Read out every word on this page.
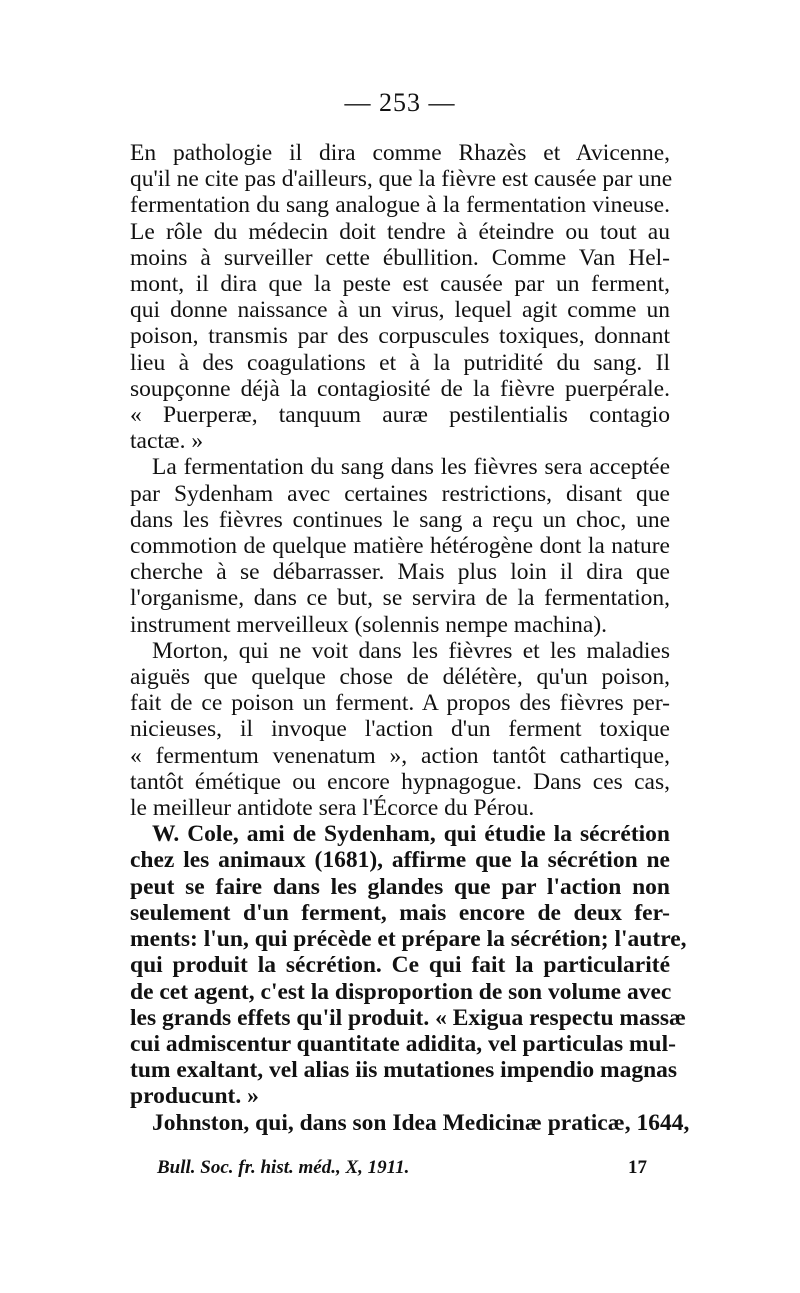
— 253 —
En pathologie il dira comme Rhazès et Avicenne,
qu'il ne cite pas d'ailleurs, que la fièvre est causée par une
fermentation du sang analogue à la fermentation vineuse.
Le rôle du médecin doit tendre à éteindre ou tout au
moins à surveiller cette ébullition. Comme Van Hel-
mont, il dira que la peste est causée par un ferment,
qui donne naissance à un virus, lequel agit comme un
poison, transmis par des corpuscules toxiques, donnant
lieu à des coagulations et à la putridité du sang. Il
soupçonne déjà la contagiosité de la fièvre puerpérale.
« Puerperæ, tanquum auræ pestilentialis contagio
tactæ. »
La fermentation du sang dans les fièvres sera acceptée
par Sydenham avec certaines restrictions, disant que
dans les fièvres continues le sang a reçu un choc, une
commotion de quelque matière hétérogène dont la nature
cherche à se débarrasser. Mais plus loin il dira que
l'organisme, dans ce but, se servira de la fermentation,
instrument merveilleux (solennis nempe machina).
Morton, qui ne voit dans les fièvres et les maladies
aiguës que quelque chose de délétère, qu'un poison,
fait de ce poison un ferment. A propos des fièvres per-
nicieuses, il invoque l'action d'un ferment toxique
« fermentum venenatum », action tantôt cathartique,
tantôt émétique ou encore hypnagogue. Dans ces cas,
le meilleur antidote sera l'Écorce du Pérou.
W. Cole, ami de Sydenham, qui étudie la sécrétion
chez les animaux (1681), affirme que la sécrétion ne
peut se faire dans les glandes que par l'action non
seulement d'un ferment, mais encore de deux fer-
ments: l'un, qui précède et prépare la sécrétion; l'autre,
qui produit la sécrétion. Ce qui fait la particularité
de cet agent, c'est la disproportion de son volume avec
les grands effets qu'il produit. « Exigua respectu massæ
cui admiscentur quantitate adidita, vel particulas mul-
tum exaltant, vel alias iis mutationes impendio magnas
producunt. »
Johnston, qui, dans son Idea Medicinæ praticæ, 1644,
Bull. Soc. fr. hist. méd., X, 1911.	17
